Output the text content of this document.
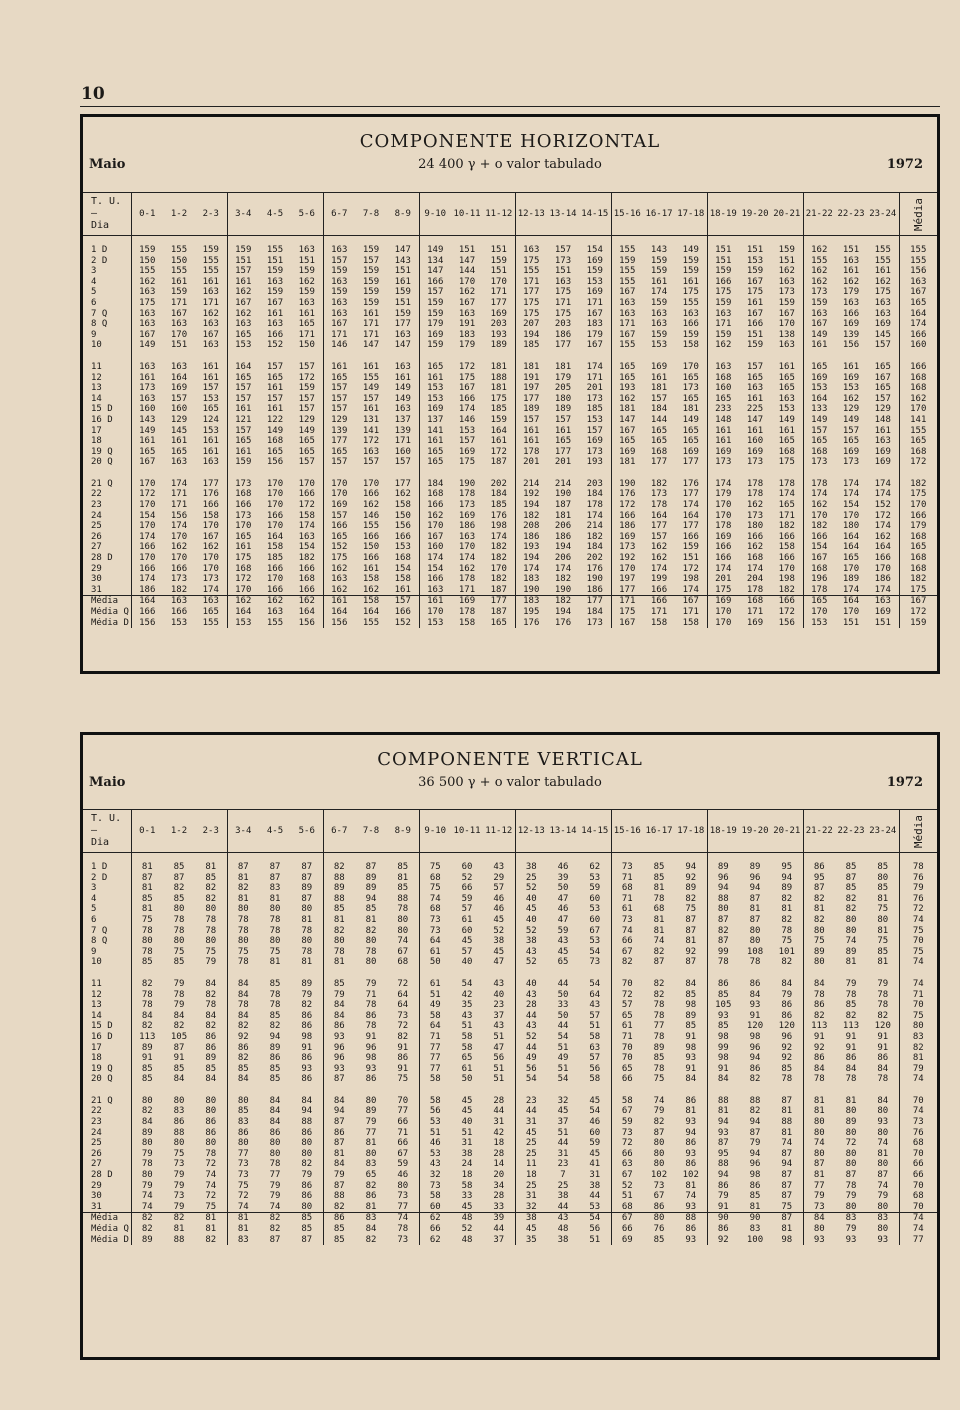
10
COMPONENTE HORIZONTAL
24 400 γ + o valor tabulado
Maio	1972
T. U.
—
Dia	0-1	1-2	2-3	3-4	4-5	5-6	6-7	7-8	8-9	9-10	10-11	11-12	12-13	13-14	14-15	15-16	16-17	17-18	18-19	19-20	20-21	21-22	22-23	23-24	Média
1 D	159	155	159	159	155	163	163	159	147	149	151	151	163	157	154	155	143	149	151	151	159	162	151	155	155
2 D	150	150	155	151	151	151	157	157	143	134	147	159	175	173	169	159	159	159	151	153	151	155	163	155	155
3	155	155	155	157	159	159	159	159	151	147	144	151	155	151	159	155	159	159	159	159	162	162	161	161	156
4	162	161	161	161	163	162	163	159	161	166	170	170	171	163	153	155	161	161	166	167	163	162	162	162	163
5	163	159	163	162	159	159	159	159	159	157	162	171	177	175	169	167	174	175	175	175	173	173	179	175	167
6	175	171	171	167	167	163	163	159	151	159	167	177	175	171	171	163	159	155	159	161	159	159	163	163	165
7 Q	163	167	162	162	161	161	163	161	159	159	163	169	175	175	167	163	163	163	163	167	167	163	166	163	164
8 Q	163	163	163	163	163	165	167	171	177	179	191	203	207	203	183	171	163	166	171	166	170	167	169	169	174
9	167	170	167	165	166	171	171	171	163	169	183	193	194	186	179	167	159	159	159	151	138	149	139	145	166
10	149	151	163	153	152	150	146	147	147	159	179	189	185	177	167	155	153	158	162	159	163	161	156	157	160

11	163	163	161	164	157	157	161	161	163	165	172	181	181	181	174	165	169	170	163	157	161	165	161	165	166
12	161	164	161	165	165	172	165	155	161	161	175	188	191	179	171	165	161	165	168	165	165	169	169	167	168
13	173	169	157	157	161	159	157	149	149	153	167	181	197	205	201	193	181	173	160	163	165	153	153	165	168
14	163	157	153	157	157	157	157	157	149	153	166	175	177	180	173	162	157	165	165	161	163	164	162	157	162
15 D	160	160	165	161	161	157	157	161	163	169	174	185	189	189	185	181	184	181	233	225	153	133	129	129	170
16 D	143	129	124	121	122	129	129	131	137	137	146	159	157	157	153	147	144	149	148	147	149	149	149	148	141
17	149	145	153	157	149	149	139	141	139	141	153	164	161	161	157	167	165	165	161	161	161	157	157	161	155
18	161	161	161	165	168	165	177	172	171	161	157	161	161	165	169	165	165	165	161	160	165	165	165	163	165
19 Q	165	165	161	161	165	165	165	163	160	165	169	172	178	177	173	169	168	169	169	169	168	168	169	169	168
20 Q	167	163	163	159	156	157	157	157	157	165	175	187	201	201	193	181	177	177	173	173	175	173	173	169	172

21 Q	170	174	177	173	170	170	170	170	177	184	190	202	214	214	203	190	182	176	174	178	178	178	174	174	182
22	172	171	176	168	170	166	170	166	162	168	178	184	192	190	184	176	173	177	179	178	174	174	174	174	175
23	170	171	166	166	170	172	169	162	158	166	173	185	194	187	178	172	178	174	170	162	165	162	154	152	170
24	154	156	158	173	166	158	157	146	150	162	169	176	182	181	174	166	164	164	170	173	171	170	170	172	166
25	170	174	170	170	170	174	166	155	156	170	186	198	208	206	214	186	177	177	178	180	182	182	180	174	179
26	174	170	167	165	164	163	165	166	166	167	163	174	186	186	182	169	157	166	169	166	166	166	164	162	168
27	166	162	162	161	158	154	152	150	153	160	170	182	193	194	184	173	162	159	166	162	158	154	164	164	165
28 D	170	170	170	175	185	182	175	166	168	174	174	182	194	206	202	192	162	151	166	168	166	167	165	166	168
29	166	166	170	168	166	166	162	161	154	154	162	170	174	174	176	170	174	172	174	174	170	168	170	170	168
30	174	173	173	172	170	168	163	158	158	166	178	182	183	182	190	197	199	198	201	204	198	196	189	186	182
31	186	182	174	170	166	166	162	162	161	163	171	187	190	190	186	177	166	174	175	178	182	178	174	174	175
Média	164	163	163	162	162	162	161	158	157	161	169	177	183	182	177	171	166	167	169	168	166	165	164	163	167
Média Q	166	166	165	164	163	164	164	164	166	170	178	187	195	194	184	175	171	171	170	171	172	170	170	169	172
Média D	156	153	155	153	155	156	156	155	152	153	158	165	176	176	173	167	158	158	170	169	156	153	151	151	159
COMPONENTE VERTICAL
36 500 γ + o valor tabulado
Maio	1972
T. U.
—
Dia	0-1	1-2	2-3	3-4	4-5	5-6	6-7	7-8	8-9	9-10	10-11	11-12	12-13	13-14	14-15	15-16	16-17	17-18	18-19	19-20	20-21	21-22	22-23	23-24	Média
1 D	81	85	81	87	87	87	82	87	85	75	60	43	38	46	62	73	85	94	89	89	95	86	85	85	78
2 D	87	87	85	81	87	87	88	89	81	68	52	29	25	39	53	71	85	92	96	96	94	95	87	80	76
3	81	82	82	82	83	89	89	89	85	75	66	57	52	50	59	68	81	89	94	94	89	87	85	85	79
4	85	85	82	81	81	87	88	94	88	74	59	46	40	47	60	71	78	82	88	87	82	82	82	81	76
5	81	80	80	80	80	80	85	85	78	68	57	46	45	46	53	61	68	75	80	81	81	81	82	75	72
6	75	78	78	78	78	81	81	81	80	73	61	45	40	47	60	73	81	87	87	87	82	82	80	80	74
7 Q	78	78	78	78	78	78	82	82	80	73	60	52	52	59	67	74	81	87	82	80	78	80	80	81	75
8 Q	80	80	80	80	80	80	80	80	74	64	45	38	38	43	53	66	74	81	87	80	75	75	74	75	70
9	78	75	75	75	75	78	78	78	67	61	57	45	43	45	54	67	82	92	99	108	101	89	89	85	75
10	85	85	79	78	81	81	81	80	68	50	40	47	52	65	73	82	87	87	78	78	82	80	81	81	74

11	82	79	84	84	85	89	85	79	72	61	54	43	40	44	54	70	82	84	86	86	84	84	79	79	74
12	78	78	82	84	78	79	79	71	64	51	42	40	43	50	64	72	82	85	85	84	79	78	78	78	71
13	78	79	78	78	78	82	84	78	64	49	35	23	28	33	43	57	78	98	105	93	86	86	85	78	70
14	84	84	84	84	85	86	84	86	73	58	43	37	44	50	57	65	78	89	93	91	86	82	82	82	75
15 D	82	82	82	82	82	86	86	78	72	64	51	43	43	44	51	61	77	85	85	120	120	113	113	120	80
16 D	113	105	86	92	94	98	93	91	82	71	58	51	52	54	58	71	78	91	98	98	96	91	91	91	83
17	89	87	86	86	89	91	96	96	91	77	58	47	44	51	63	70	89	98	99	96	92	92	91	91	82
18	91	91	89	82	86	86	96	98	86	77	65	56	49	49	57	70	85	93	98	94	92	86	86	86	81
19 Q	85	85	85	85	85	93	93	93	91	77	61	51	56	51	56	65	78	91	91	86	85	84	84	84	79
20 Q	85	84	84	84	85	86	87	86	75	58	50	51	54	54	58	66	75	84	84	82	78	78	78	78	74

21 Q	80	80	80	80	84	84	84	80	70	58	45	28	23	32	45	58	74	86	88	88	87	81	81	84	70
22	82	83	80	85	84	94	94	89	77	56	45	44	44	45	54	67	79	81	81	82	81	81	80	80	74
23	84	86	86	83	84	88	87	79	66	53	40	31	31	37	46	59	82	93	94	94	88	80	89	93	73
24	89	88	86	86	86	86	86	77	71	51	51	42	45	51	60	73	87	94	93	87	81	80	80	80	76
25	80	80	80	80	80	80	87	81	66	46	31	18	25	44	59	72	80	86	87	79	74	74	72	74	68
26	79	75	78	77	80	80	81	80	67	53	38	28	25	31	45	66	80	93	95	94	87	80	80	81	70
27	78	73	72	73	78	82	84	83	59	43	24	14	11	23	41	63	80	86	88	96	94	87	80	80	66
28 D	80	79	74	73	77	79	79	65	46	32	18	20	18	7	31	67	102	102	94	98	87	81	87	87	66
29	79	79	74	75	79	86	87	82	80	73	58	34	25	25	38	52	73	81	86	86	87	77	78	74	70
30	74	73	72	72	79	86	88	86	73	58	33	28	31	38	44	51	67	74	79	85	87	79	79	79	68
31	74	79	75	74	74	80	82	81	77	60	45	33	32	44	53	68	86	93	91	81	75	73	80	80	70
Média	82	82	81	81	82	85	86	83	74	62	48	39	38	43	54	67	80	88	90	90	87	84	83	83	74
Média Q	82	81	81	81	82	85	85	84	78	66	52	44	45	48	56	66	76	86	86	83	81	80	79	80	74
Média D	89	88	82	83	87	87	85	82	73	62	48	37	35	38	51	69	85	93	92	100	98	93	93	93	77
